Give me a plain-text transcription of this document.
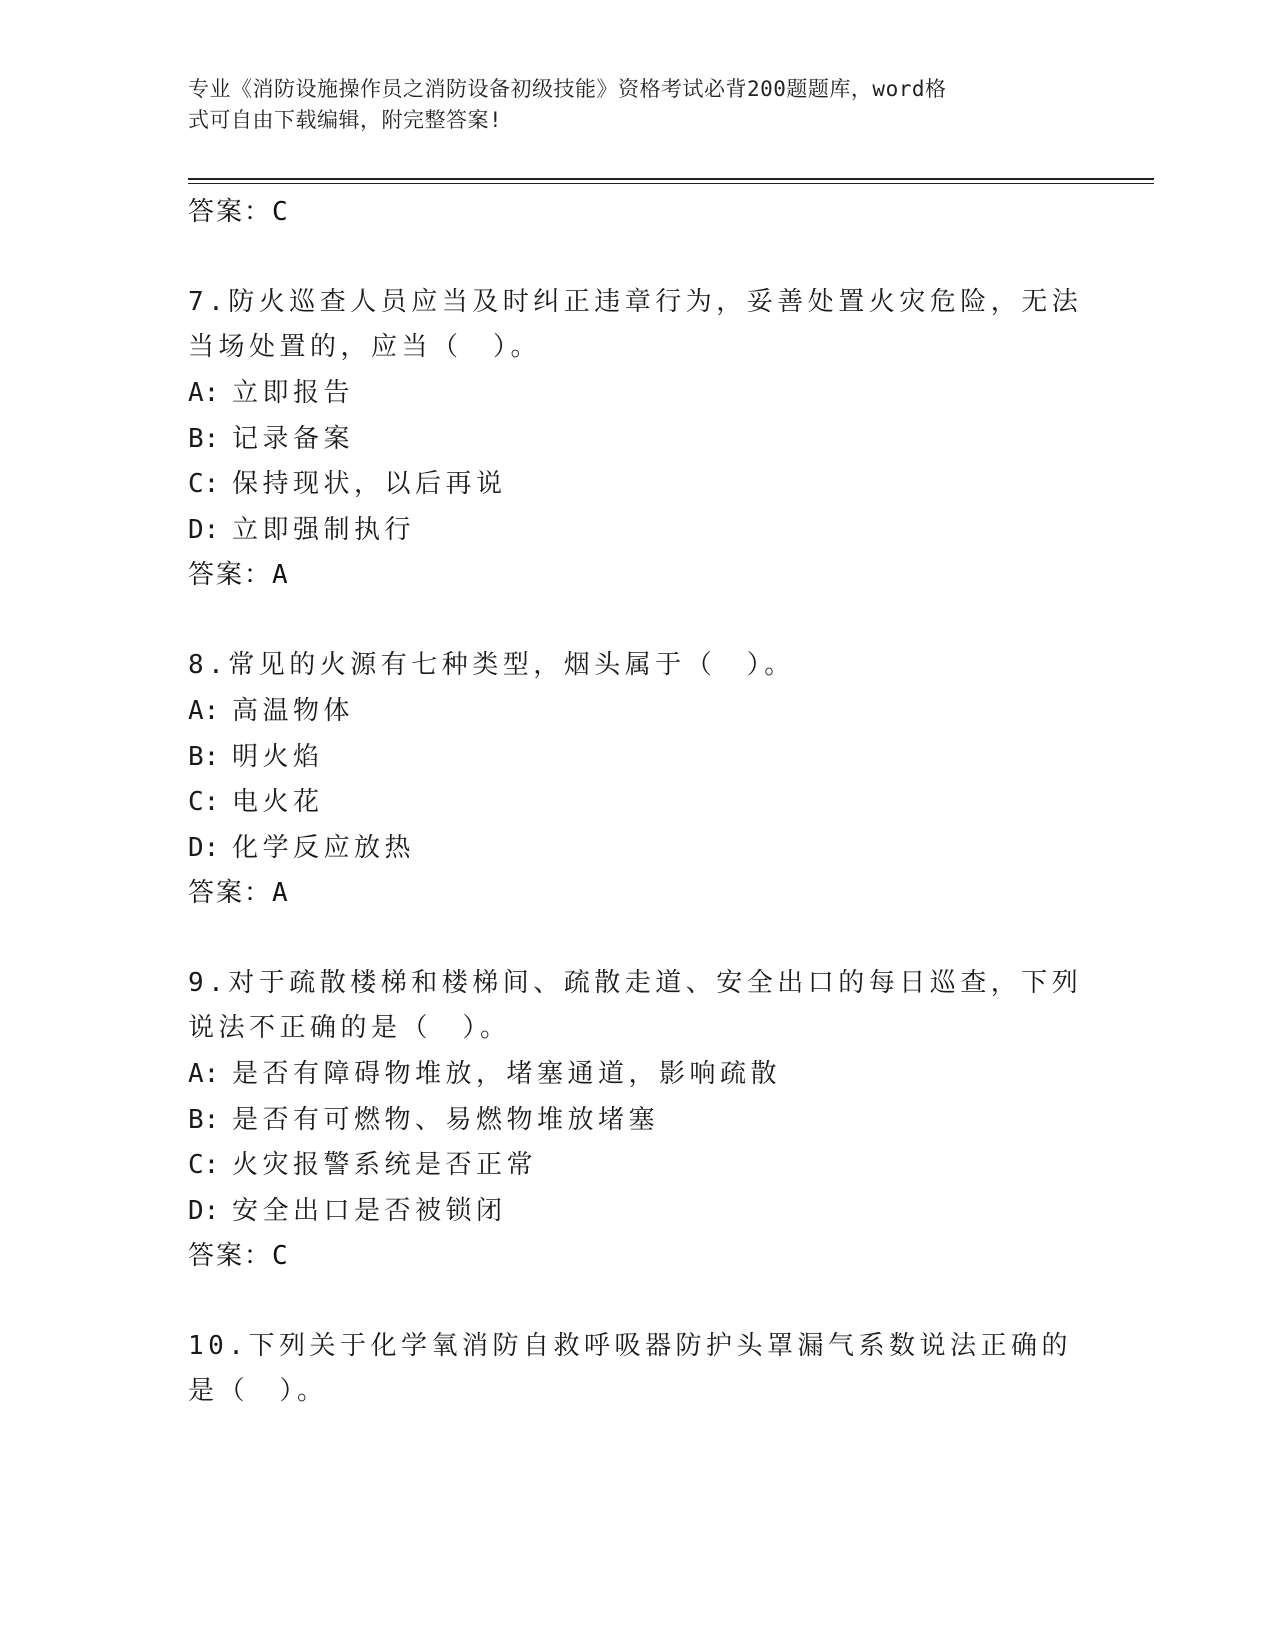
专业《消防设施操作员之消防设备初级技能》资格考试必背200题题库，word格
式可自由下载编辑，附完整答案!
答案：C
7.防火巡查人员应当及时纠正违章行为，妥善处置火灾危险，无法当场处置的，应当（　）。
A: 立即报告
B: 记录备案
C: 保持现状，以后再说
D: 立即强制执行
答案：A
8.常见的火源有七种类型，烟头属于（　）。
A: 高温物体
B: 明火焰
C: 电火花
D: 化学反应放热
答案：A
9.对于疏散楼梯和楼梯间、疏散走道、安全出口的每日巡查，下列说法不正确的是（　）。
A: 是否有障碍物堆放，堵塞通道，影响疏散
B: 是否有可燃物、易燃物堆放堵塞
C: 火灾报警系统是否正常
D: 安全出口是否被锁闭
答案：C
10.下列关于化学氧消防自救呼吸器防护头罩漏气系数说法正确的是（　）。
